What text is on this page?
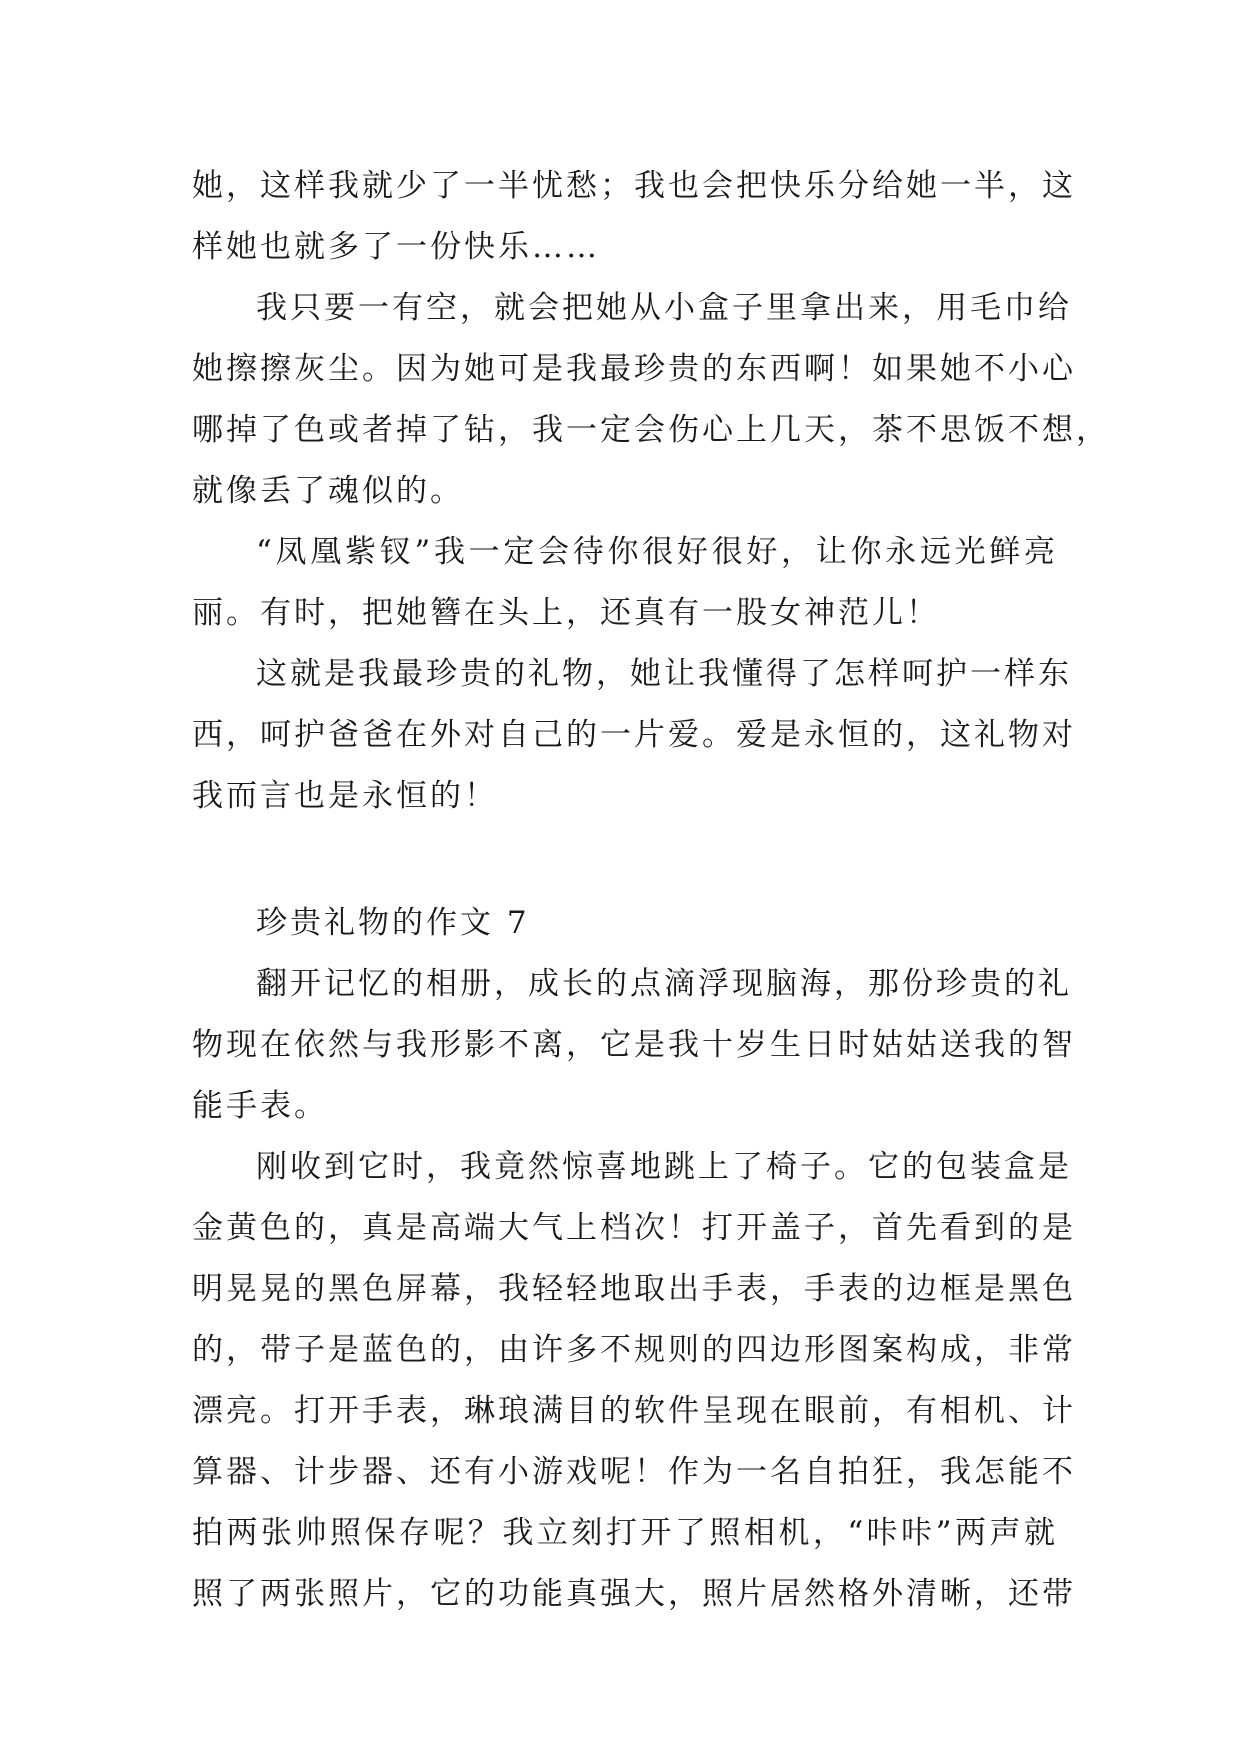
她，这样我就少了一半忧愁；我也会把快乐分给她一半，这
样她也就多了一份快乐……
我只要一有空，就会把她从小盒子里拿出来，用毛巾给
她擦擦灰尘。因为她可是我最珍贵的东西啊！如果她不小心
哪掉了色或者掉了钻，我一定会伤心上几天，茶不思饭不想，
就像丢了魂似的。
“凤凰紫钗”我一定会待你很好很好，让你永远光鲜亮
丽。有时，把她簪在头上，还真有一股女神范儿！
这就是我最珍贵的礼物，她让我懂得了怎样呵护一样东
西，呵护爸爸在外对自己的一片爱。爱是永恒的，这礼物对
我而言也是永恒的！
珍贵礼物的作文 7
翻开记忆的相册，成长的点滴浮现脑海，那份珍贵的礼
物现在依然与我形影不离，它是我十岁生日时姑姑送我的智
能手表。
刚收到它时，我竟然惊喜地跳上了椅子。它的包装盒是
金黄色的，真是高端大气上档次！打开盖子，首先看到的是
明晃晃的黑色屏幕，我轻轻地取出手表，手表的边框是黑色
的，带子是蓝色的，由许多不规则的四边形图案构成，非常
漂亮。打开手表，琳琅满目的软件呈现在眼前，有相机、计
算器、计步器、还有小游戏呢！作为一名自拍狂，我怎能不
拍两张帅照保存呢？我立刻打开了照相机，“咔咔”两声就
照了两张照片，它的功能真强大，照片居然格外清晰，还带
